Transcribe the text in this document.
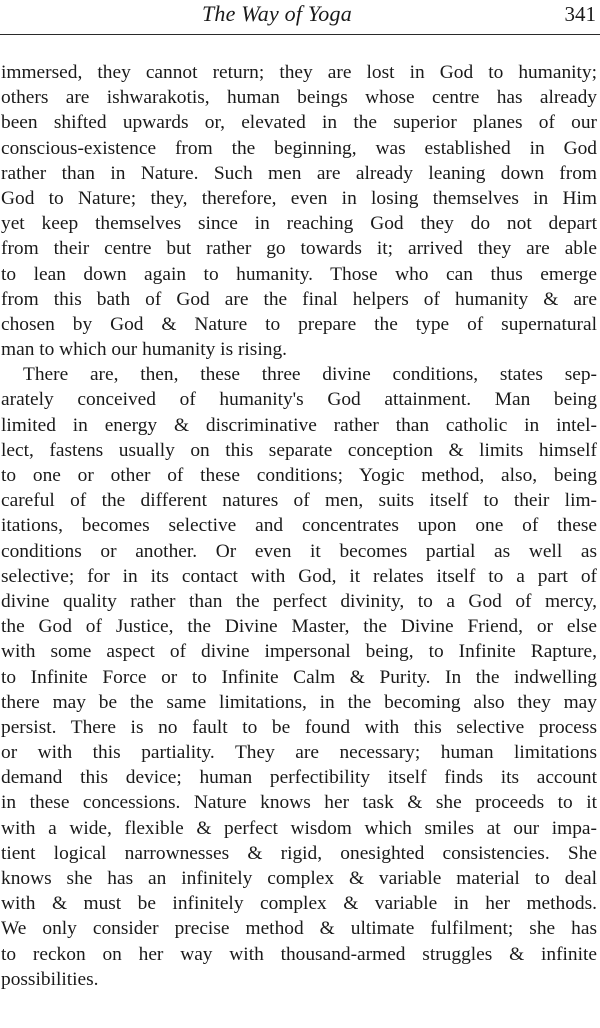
The Way of Yoga	341
immersed, they cannot return; they are lost in God to humanity;
others are ishwarakotis, human beings whose centre has already
been shifted upwards or, elevated in the superior planes of our
conscious-existence from the beginning, was established in God
rather than in Nature. Such men are already leaning down from
God to Nature; they, therefore, even in losing themselves in Him
yet keep themselves since in reaching God they do not depart
from their centre but rather go towards it; arrived they are able
to lean down again to humanity. Those who can thus emerge
from this bath of God are the final helpers of humanity & are
chosen by God & Nature to prepare the type of supernatural
man to which our humanity is rising.
There are, then, these three divine conditions, states sep-
arately conceived of humanity's God attainment. Man being
limited in energy & discriminative rather than catholic in intel-
lect, fastens usually on this separate conception & limits himself
to one or other of these conditions; Yogic method, also, being
careful of the different natures of men, suits itself to their lim-
itations, becomes selective and concentrates upon one of these
conditions or another. Or even it becomes partial as well as
selective; for in its contact with God, it relates itself to a part of
divine quality rather than the perfect divinity, to a God of mercy,
the God of Justice, the Divine Master, the Divine Friend, or else
with some aspect of divine impersonal being, to Infinite Rapture,
to Infinite Force or to Infinite Calm & Purity. In the indwelling
there may be the same limitations, in the becoming also they may
persist. There is no fault to be found with this selective process
or with this partiality. They are necessary; human limitations
demand this device; human perfectibility itself finds its account
in these concessions. Nature knows her task & she proceeds to it
with a wide, flexible & perfect wisdom which smiles at our impa-
tient logical narrownesses & rigid, onesighted consistencies. She
knows she has an infinitely complex & variable material to deal
with & must be infinitely complex & variable in her methods.
We only consider precise method & ultimate fulfilment; she has
to reckon on her way with thousand-armed struggles & infinite
possibilities.
